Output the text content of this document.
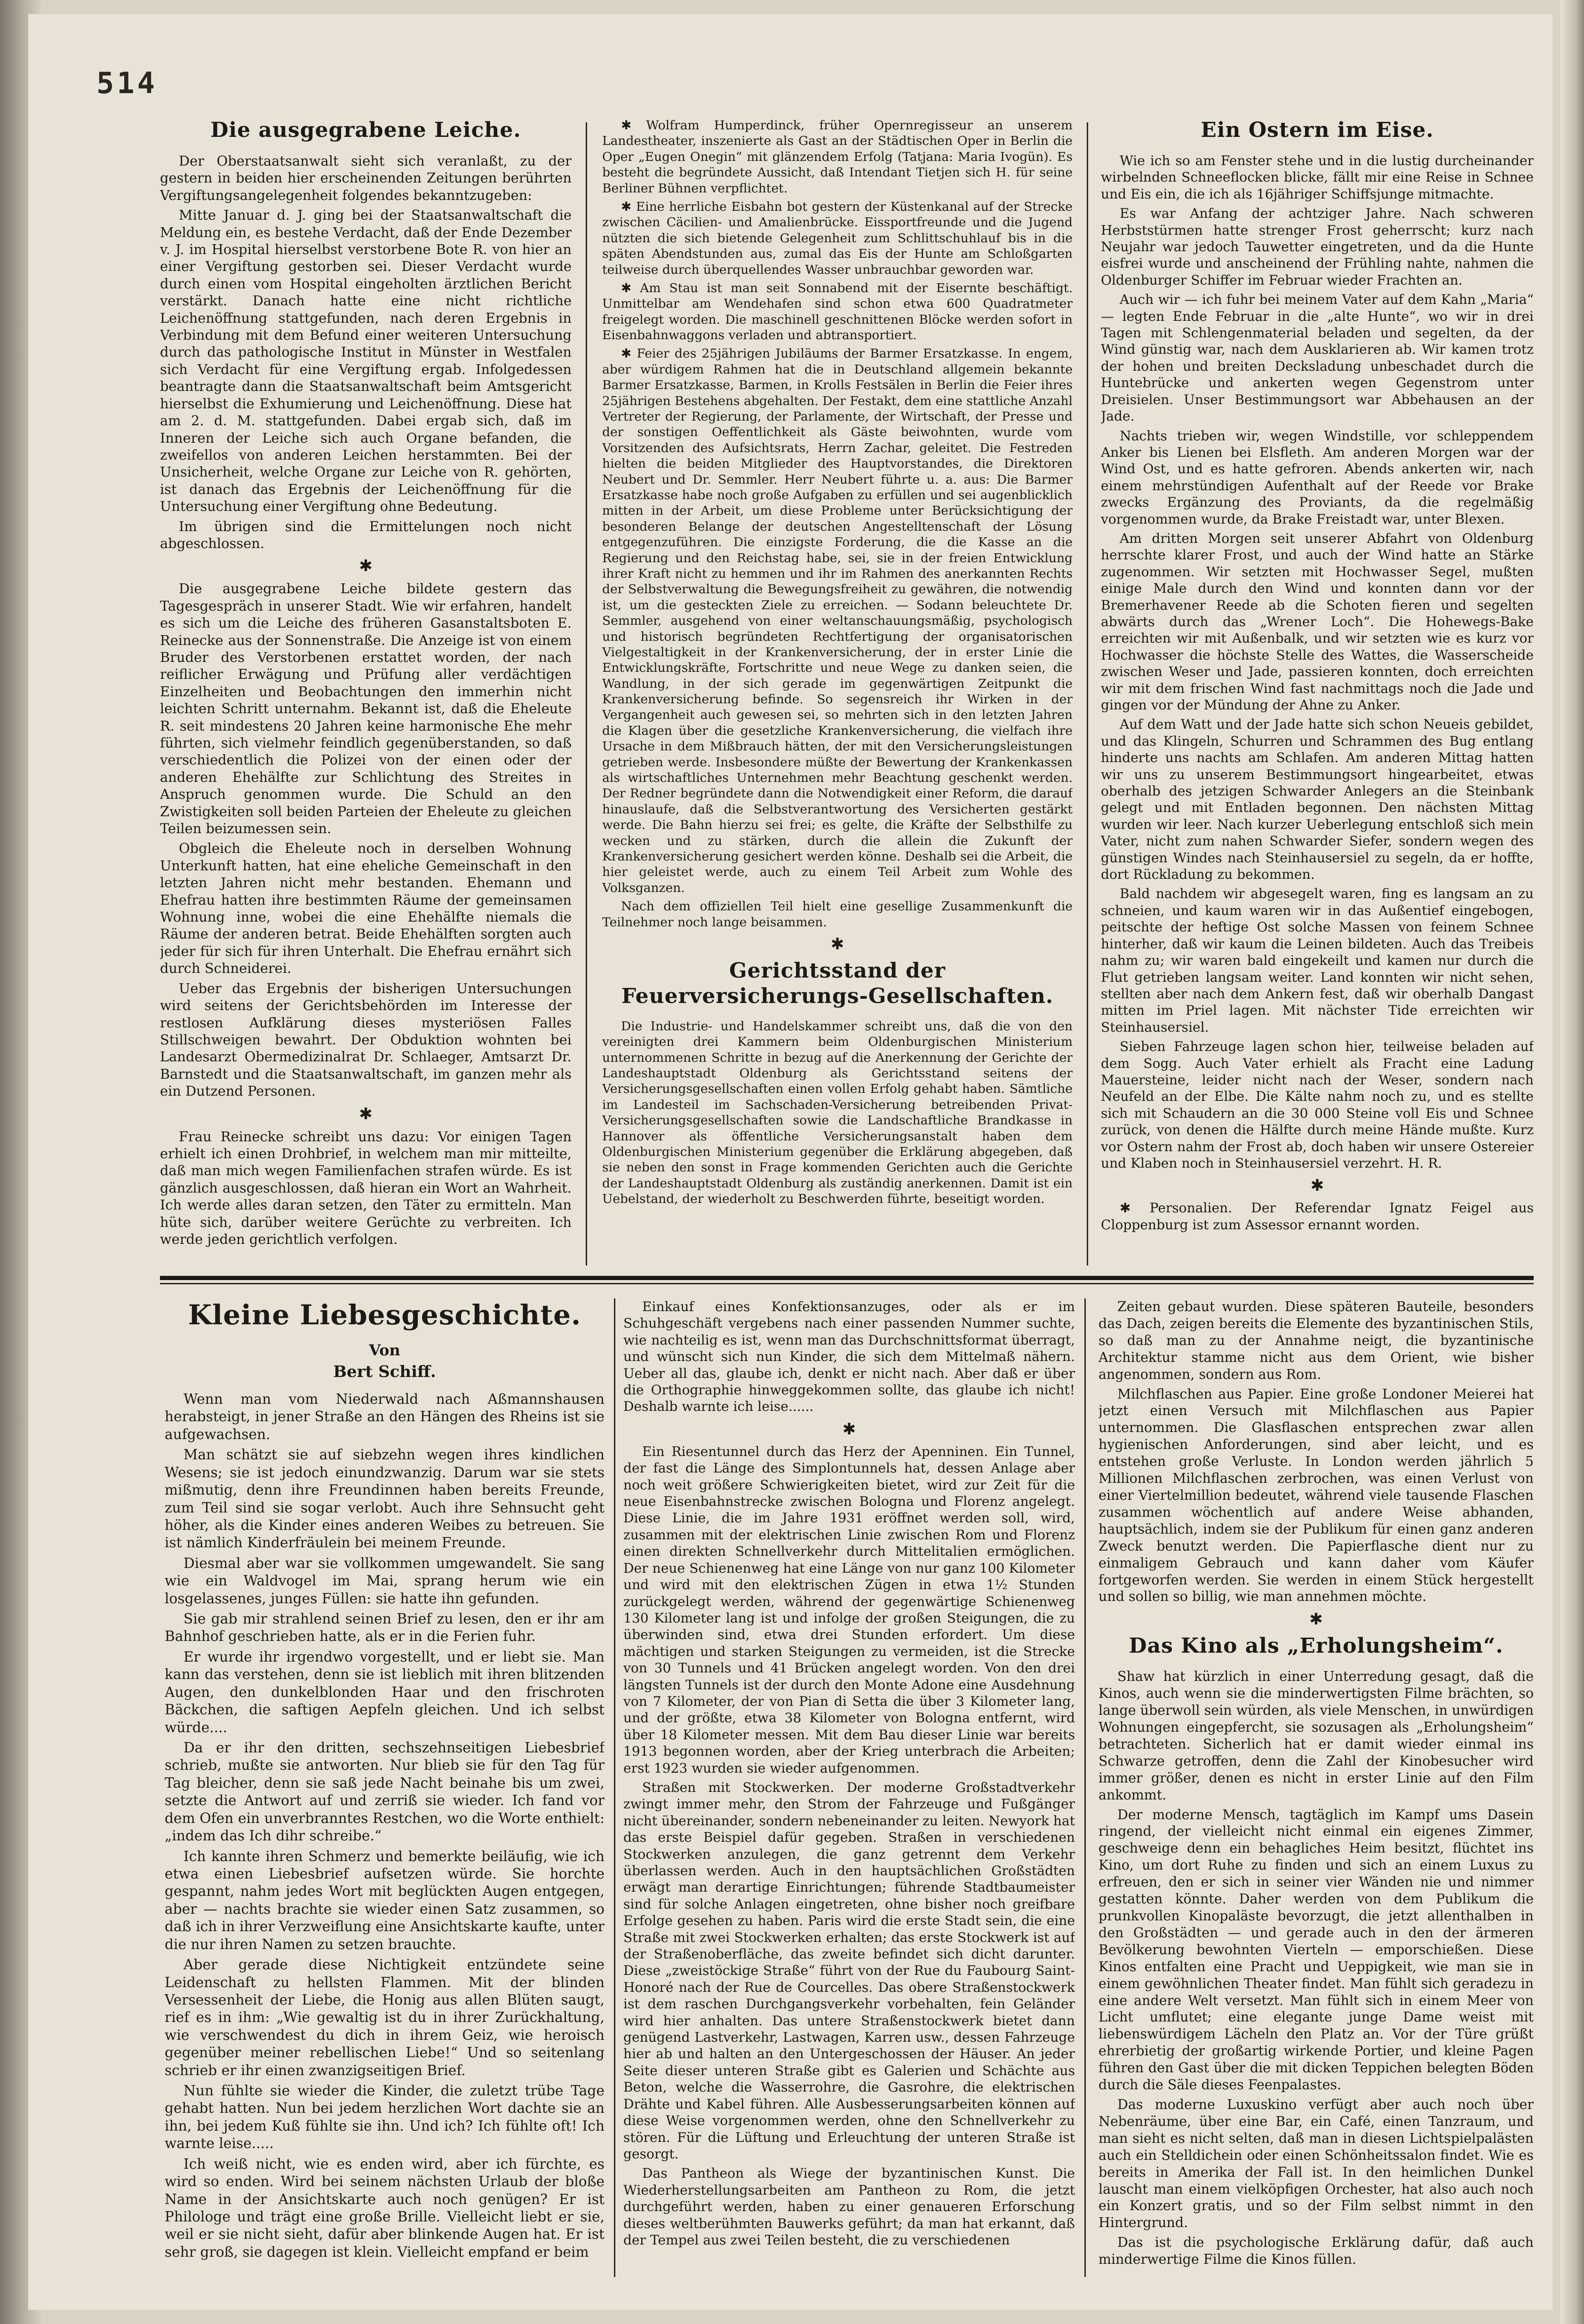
514
Die ausgegrabene Leiche.

Der Oberstaatsanwalt sieht sich veranlaßt, zu der gestern in beiden hier erscheinenden Zeitungen berührten Vergiftungsangelegenheit folgendes bekanntzugeben:

Mitte Januar d. J. ging bei der Staatsanwaltschaft die Meldung ein, es bestehe Verdacht, daß der Ende Dezember v. J. im Hospital hierselbst verstorbene Bote R. von hier an einer Vergiftung gestorben sei. Dieser Verdacht wurde durch einen vom Hospital eingeholten ärztlichen Bericht verstärkt. Danach hatte eine nicht richtliche Leichenöffnung stattgefunden, nach deren Ergebnis in Verbindung mit dem Befund einer weiteren Untersuchung durch das pathologische Institut in Münster in Westfalen sich Verdacht für eine Vergiftung ergab. Infolgedessen beantragte dann die Staatsanwaltschaft beim Amtsgericht hierselbst die Exhumierung und Leichenöffnung. Diese hat am 2. d. M. stattgefunden. Dabei ergab sich, daß im Inneren der Leiche sich auch Organe befanden, die zweifellos von anderen Leichen herstammten. Bei der Unsicherheit, welche Organe zur Leiche von R. gehörten, ist danach das Ergebnis der Leichenöffnung für die Untersuchung einer Vergiftung ohne Bedeutung.

Im übrigen sind die Ermittelungen noch nicht abgeschlossen.

✱

Die ausgegrabene Leiche bildete gestern das Tagesgespräch in unserer Stadt. Wie wir erfahren, handelt es sich um die Leiche des früheren Gasanstaltsboten E. Reinecke aus der Sonnenstraße. Die Anzeige ist von einem Bruder des Verstorbenen erstattet worden, der nach reiflicher Erwägung und Prüfung aller verdächtigen Einzelheiten und Beobachtungen den immerhin nicht leichten Schritt unternahm. Bekannt ist, daß die Eheleute R. seit mindestens 20 Jahren keine harmonische Ehe mehr führten, sich vielmehr feindlich gegenüberstanden, so daß verschiedentlich die Polizei von der einen oder der anderen Ehehälfte zur Schlichtung des Streites in Anspruch genommen wurde. Die Schuld an den Zwistigkeiten soll beiden Parteien der Eheleute zu gleichen Teilen beizumessen sein.

Obgleich die Eheleute noch in derselben Wohnung Unterkunft hatten, hat eine eheliche Gemeinschaft in den letzten Jahren nicht mehr bestanden. Ehemann und Ehefrau hatten ihre bestimmten Räume der gemeinsamen Wohnung inne, wobei die eine Ehehälfte niemals die Räume der anderen betrat. Beide Ehehälften sorgten auch jeder für sich für ihren Unterhalt. Die Ehefrau ernährt sich durch Schneiderei.

Ueber das Ergebnis der bisherigen Untersuchungen wird seitens der Gerichtsbehörden im Interesse der restlosen Aufklärung dieses mysteriösen Falles Stillschweigen bewahrt. Der Obduktion wohnten bei Landesarzt Obermedizinalrat Dr. Schlaeger, Amtsarzt Dr. Barnstedt und die Staatsanwaltschaft, im ganzen mehr als ein Dutzend Personen.

✱

Frau Reinecke schreibt uns dazu: Vor einigen Tagen erhielt ich einen Drohbrief, in welchem man mir mitteilte, daß man mich wegen Familienfachen strafen würde. Es ist gänzlich ausgeschlossen, daß hieran ein Wort an Wahrheit. Ich werde alles daran setzen, den Täter zu ermitteln. Man hüte sich, darüber weitere Gerüchte zu verbreiten. Ich werde jeden gerichtlich verfolgen.

✱ Wolfram Humperdinck, früher Opernregisseur an unserem Landestheater, inszenierte als Gast an der Städtischen Oper in Berlin die Oper „Eugen Onegin“ mit glänzendem Erfolg (Tatjana: Maria Ivogün). Es besteht die begründete Aussicht, daß Intendant Tietjen sich H. für seine Berliner Bühnen verpflichtet.

✱ Eine herrliche Eisbahn bot gestern der Küstenkanal auf der Strecke zwischen Cäcilien- und Amalienbrücke. Eissportfreunde und die Jugend nützten die sich bietende Gelegenheit zum Schlittschuhlauf bis in die späten Abendstunden aus, zumal das Eis der Hunte am Schloßgarten teilweise durch überquellendes Wasser unbrauchbar geworden war.

✱ Am Stau ist man seit Sonnabend mit der Eisernte beschäftigt. Unmittelbar am Wendehafen sind schon etwa 600 Quadratmeter freigelegt worden. Die maschinell geschnittenen Blöcke werden sofort in Eisenbahnwaggons verladen und abtransportiert.

✱ Feier des 25jährigen Jubiläums der Barmer Ersatzkasse. In engem, aber würdigem Rahmen hat die in Deutschland allgemein bekannte Barmer Ersatzkasse, Barmen, in Krolls Festsälen in Berlin die Feier ihres 25jährigen Bestehens abgehalten. Der Festakt, dem eine stattliche Anzahl Vertreter der Regierung, der Parlamente, der Wirtschaft, der Presse und der sonstigen Oeffentlichkeit als Gäste beiwohnten, wurde vom Vorsitzenden des Aufsichtsrats, Herrn Zachar, geleitet. Die Festreden hielten die beiden Mitglieder des Hauptvorstandes, die Direktoren Neubert und Dr. Semmler. Herr Neubert führte u. a. aus: Die Barmer Ersatzkasse habe noch große Aufgaben zu erfüllen und sei augenblicklich mitten in der Arbeit, um diese Probleme unter Berücksichtigung der besonderen Belange der deutschen Angestelltenschaft der Lösung entgegenzuführen. Die einzigste Forderung, die die Kasse an die Regierung und den Reichstag habe, sei, sie in der freien Entwicklung ihrer Kraft nicht zu hemmen und ihr im Rahmen des anerkannten Rechts der Selbstverwaltung die Bewegungsfreiheit zu gewähren, die notwendig ist, um die gesteckten Ziele zu erreichen. — Sodann beleuchtete Dr. Semmler, ausgehend von einer weltanschauungsmäßig, psychologisch und historisch begründeten Rechtfertigung der organisatorischen Vielgestaltigkeit in der Krankenversicherung, der in erster Linie die Entwicklungskräfte, Fortschritte und neue Wege zu danken seien, die Wandlung, in der sich gerade im gegenwärtigen Zeitpunkt die Krankenversicherung befinde. So segensreich ihr Wirken in der Vergangenheit auch gewesen sei, so mehrten sich in den letzten Jahren die Klagen über die gesetzliche Krankenversicherung, die vielfach ihre Ursache in dem Mißbrauch hätten, der mit den Versicherungsleistungen getrieben werde. Insbesondere müßte der Bewertung der Krankenkassen als wirtschaftliches Unternehmen mehr Beachtung geschenkt werden. Der Redner begründete dann die Notwendigkeit einer Reform, die darauf hinauslaufe, daß die Selbstverantwortung des Versicherten gestärkt werde. Die Bahn hierzu sei frei; es gelte, die Kräfte der Selbsthilfe zu wecken und zu stärken, durch die allein die Zukunft der Krankenversicherung gesichert werden könne. Deshalb sei die Arbeit, die hier geleistet werde, auch zu einem Teil Arbeit zum Wohle des Volksganzen.

Nach dem offiziellen Teil hielt eine gesellige Zusammenkunft die Teilnehmer noch lange beisammen.

✱
Gerichtsstand der Feuerversicherungs-Gesellschaften.

Die Industrie- und Handelskammer schreibt uns, daß die von den vereinigten drei Kammern beim Oldenburgischen Ministerium unternommenen Schritte in bezug auf die Anerkennung der Gerichte der Landeshauptstadt Oldenburg als Gerichtsstand seitens der Versicherungsgesellschaften einen vollen Erfolg gehabt haben. Sämtliche im Landesteil im Sachschaden-Versicherung betreibenden Privat-Versicherungsgesellschaften sowie die Landschaftliche Brandkasse in Hannover als öffentliche Versicherungsanstalt haben dem Oldenburgischen Ministerium gegenüber die Erklärung abgegeben, daß sie neben den sonst in Frage kommenden Gerichten auch die Gerichte der Landeshauptstadt Oldenburg als zuständig anerkennen. Damit ist ein Uebelstand, der wiederholt zu Beschwerden führte, beseitigt worden.

Ein Ostern im Eise.

Wie ich so am Fenster stehe und in die lustig durcheinander wirbelnden Schneeflocken blicke, fällt mir eine Reise in Schnee und Eis ein, die ich als 16jähriger Schiffsjunge mitmachte.

Es war Anfang der achtziger Jahre. Nach schweren Herbststürmen hatte strenger Frost geherrscht; kurz nach Neujahr war jedoch Tauwetter eingetreten, und da die Hunte eisfrei wurde und anscheinend der Frühling nahte, nahmen die Oldenburger Schiffer im Februar wieder Frachten an.

Auch wir — ich fuhr bei meinem Vater auf dem Kahn „Maria“ — legten Ende Februar in die „alte Hunte“, wo wir in drei Tagen mit Schlengenmaterial beladen und segelten, da der Wind günstig war, nach dem Ausklarieren ab. Wir kamen trotz der hohen und breiten Decksladung unbeschadet durch die Huntebrücke und ankerten wegen Gegenstrom unter Dreisielen. Unser Bestimmungsort war Abbehausen an der Jade.

Nachts trieben wir, wegen Windstille, vor schleppendem Anker bis Lienen bei Elsfleth. Am anderen Morgen war der Wind Ost, und es hatte gefroren. Abends ankerten wir, nach einem mehrstündigen Aufenthalt auf der Reede vor Brake zwecks Ergänzung des Proviants, da die regelmäßig vorgenommen wurde, da Brake Freistadt war, unter Blexen.

Am dritten Morgen seit unserer Abfahrt von Oldenburg herrschte klarer Frost, und auch der Wind hatte an Stärke zugenommen. Wir setzten mit Hochwasser Segel, mußten einige Male durch den Wind und konnten dann vor der Bremerhavener Reede ab die Schoten fieren und segelten abwärts durch das „Wrener Loch“. Die Hohewegs-Bake erreichten wir mit Außenbalk, und wir setzten wie es kurz vor Hochwasser die höchste Stelle des Wattes, die Wasserscheide zwischen Weser und Jade, passieren konnten, doch erreichten wir mit dem frischen Wind fast nachmittags noch die Jade und gingen vor der Mündung der Ahne zu Anker.

Auf dem Watt und der Jade hatte sich schon Neueis gebildet, und das Klingeln, Schurren und Schrammen des Bug entlang hinderte uns nachts am Schlafen. Am anderen Mittag hatten wir uns zu unserem Bestimmungsort hingearbeitet, etwas oberhalb des jetzigen Schwarder Anlegers an die Steinbank gelegt und mit Entladen begonnen. Den nächsten Mittag wurden wir leer. Nach kurzer Ueberlegung entschloß sich mein Vater, nicht zum nahen Schwarder Siefer, sondern wegen des günstigen Windes nach Steinhausersiel zu segeln, da er hoffte, dort Rückladung zu bekommen.

Bald nachdem wir abgesegelt waren, fing es langsam an zu schneien, und kaum waren wir in das Außentief eingebogen, peitschte der heftige Ost solche Massen von feinem Schnee hinterher, daß wir kaum die Leinen bildeten. Auch das Treibeis nahm zu; wir waren bald eingekeilt und kamen nur durch die Flut getrieben langsam weiter. Land konnten wir nicht sehen, stellten aber nach dem Ankern fest, daß wir oberhalb Dangast mitten im Priel lagen. Mit nächster Tide erreichten wir Steinhausersiel.

Sieben Fahrzeuge lagen schon hier, teilweise beladen auf dem Sogg. Auch Vater erhielt als Fracht eine Ladung Mauersteine, leider nicht nach der Weser, sondern nach Neufeld an der Elbe. Die Kälte nahm noch zu, und es stellte sich mit Schaudern an die 30 000 Steine voll Eis und Schnee zurück, von denen die Hälfte durch meine Hände mußte. Kurz vor Ostern nahm der Frost ab, doch haben wir unsere Ostereier und Klaben noch in Steinhausersiel verzehrt. H. R.

✱

✱ Personalien. Der Referendar Ignatz Feigel aus Cloppenburg ist zum Assessor ernannt worden.

Kleine Liebesgeschichte.
Von
Bert Schiff.

Wenn man vom Niederwald nach Aßmannshausen herabsteigt, in jener Straße an den Hängen des Rheins ist sie aufgewachsen.

Man schätzt sie auf siebzehn wegen ihres kindlichen Wesens; sie ist jedoch einundzwanzig. Darum war sie stets mißmutig, denn ihre Freundinnen haben bereits Freunde, zum Teil sind sie sogar verlobt. Auch ihre Sehnsucht geht höher, als die Kinder eines anderen Weibes zu betreuen. Sie ist nämlich Kinderfräulein bei meinem Freunde.

Diesmal aber war sie vollkommen umgewandelt. Sie sang wie ein Waldvogel im Mai, sprang herum wie ein losgelassenes, junges Füllen: sie hatte ihn gefunden.

Sie gab mir strahlend seinen Brief zu lesen, den er ihr am Bahnhof geschrieben hatte, als er in die Ferien fuhr.

Er wurde ihr irgendwo vorgestellt, und er liebt sie. Man kann das verstehen, denn sie ist lieblich mit ihren blitzenden Augen, den dunkelblonden Haar und den frischroten Bäckchen, die saftigen Aepfeln gleichen. Und ich selbst würde....

Da er ihr den dritten, sechszehnseitigen Liebesbrief schrieb, mußte sie antworten. Nur blieb sie für den Tag für Tag bleicher, denn sie saß jede Nacht beinahe bis um zwei, setzte die Antwort auf und zerriß sie wieder. Ich fand vor dem Ofen ein unverbranntes Restchen, wo die Worte enthielt: „indem das Ich dihr schreibe.“

Ich kannte ihren Schmerz und bemerkte beiläufig, wie ich etwa einen Liebesbrief aufsetzen würde. Sie horchte gespannt, nahm jedes Wort mit beglückten Augen entgegen, aber — nachts brachte sie wieder einen Satz zusammen, so daß ich in ihrer Verzweiflung eine Ansichtskarte kaufte, unter die nur ihren Namen zu setzen brauchte.

Aber gerade diese Nichtigkeit entzündete seine Leidenschaft zu hellsten Flammen. Mit der blinden Versessenheit der Liebe, die Honig aus allen Blüten saugt, rief es in ihm: „Wie gewaltig ist du in ihrer Zurückhaltung, wie verschwendest du dich in ihrem Geiz, wie heroisch gegenüber meiner rebellischen Liebe!“ Und so seitenlang schrieb er ihr einen zwanzigseitigen Brief.

Nun fühlte sie wieder die Kinder, die zuletzt trübe Tage gehabt hatten. Nun bei jedem herzlichen Wort dachte sie an ihn, bei jedem Kuß fühlte sie ihn. Und ich? Ich fühlte oft! Ich warnte leise.....

Ich weiß nicht, wie es enden wird, aber ich fürchte, es wird so enden. Wird bei seinem nächsten Urlaub der bloße Name in der Ansichtskarte auch noch genügen? Er ist Philologe und trägt eine große Brille. Vielleicht liebt er sie, weil er sie nicht sieht, dafür aber blinkende Augen hat. Er ist sehr groß, sie dagegen ist klein. Vielleicht empfand er beim

Einkauf eines Konfektionsanzuges, oder als er im Schuhgeschäft vergebens nach einer passenden Nummer suchte, wie nachteilig es ist, wenn man das Durchschnittsformat überragt, und wünscht sich nun Kinder, die sich dem Mittelmaß nähern. Ueber all das, glaube ich, denkt er nicht nach. Aber daß er über die Orthographie hinweggekommen sollte, das glaube ich nicht! Deshalb warnte ich leise......

✱

Ein Riesentunnel durch das Herz der Apenninen. Ein Tunnel, der fast die Länge des Simplontunnels hat, dessen Anlage aber noch weit größere Schwierigkeiten bietet, wird zur Zeit für die neue Eisenbahnstrecke zwischen Bologna und Florenz angelegt. Diese Linie, die im Jahre 1931 eröffnet werden soll, wird, zusammen mit der elektrischen Linie zwischen Rom und Florenz einen direkten Schnellverkehr durch Mittelitalien ermöglichen. Der neue Schienenweg hat eine Länge von nur ganz 100 Kilometer und wird mit den elektrischen Zügen in etwa 1½ Stunden zurückgelegt werden, während der gegenwärtige Schienenweg 130 Kilometer lang ist und infolge der großen Steigungen, die zu überwinden sind, etwa drei Stunden erfordert. Um diese mächtigen und starken Steigungen zu vermeiden, ist die Strecke von 30 Tunnels und 41 Brücken angelegt worden. Von den drei längsten Tunnels ist der durch den Monte Adone eine Ausdehnung von 7 Kilometer, der von Pian di Setta die über 3 Kilometer lang, und der größte, etwa 38 Kilometer von Bologna entfernt, wird über 18 Kilometer messen. Mit dem Bau dieser Linie war bereits 1913 begonnen worden, aber der Krieg unterbrach die Arbeiten; erst 1923 wurden sie wieder aufgenommen.

Straßen mit Stockwerken. Der moderne Großstadtverkehr zwingt immer mehr, den Strom der Fahrzeuge und Fußgänger nicht übereinander, sondern nebeneinander zu leiten. Newyork hat das erste Beispiel dafür gegeben. Straßen in verschiedenen Stockwerken anzulegen, die ganz getrennt dem Verkehr überlassen werden. Auch in den hauptsächlichen Großstädten erwägt man derartige Einrichtungen; führende Stadtbaumeister sind für solche Anlagen eingetreten, ohne bisher noch greifbare Erfolge gesehen zu haben. Paris wird die erste Stadt sein, die eine Straße mit zwei Stockwerken erhalten; das erste Stockwerk ist auf der Straßenoberfläche, das zweite befindet sich dicht darunter. Diese „zweistöckige Straße“ führt von der Rue du Faubourg Saint-Honoré nach der Rue de Courcelles. Das obere Straßenstockwerk ist dem raschen Durchgangsverkehr vorbehalten, fein Geländer wird hier anhalten. Das untere Straßenstockwerk bietet dann genügend Lastverkehr, Lastwagen, Karren usw., dessen Fahrzeuge hier ab und halten an den Untergeschossen der Häuser. An jeder Seite dieser unteren Straße gibt es Galerien und Schächte aus Beton, welche die Wasserrohre, die Gasrohre, die elektrischen Drähte und Kabel führen. Alle Ausbesserungsarbeiten können auf diese Weise vorgenommen werden, ohne den Schnellverkehr zu stören. Für die Lüftung und Erleuchtung der unteren Straße ist gesorgt.

Das Pantheon als Wiege der byzantinischen Kunst. Die Wiederherstellungsarbeiten am Pantheon zu Rom, die jetzt durchgeführt werden, haben zu einer genaueren Erforschung dieses weltberühmten Bauwerks geführt; da man hat erkannt, daß der Tempel aus zwei Teilen besteht, die zu verschiedenen

Zeiten gebaut wurden. Diese späteren Bauteile, besonders das Dach, zeigen bereits die Elemente des byzantinischen Stils, so daß man zu der Annahme neigt, die byzantinische Architektur stamme nicht aus dem Orient, wie bisher angenommen, sondern aus Rom.

Milchflaschen aus Papier. Eine große Londoner Meierei hat jetzt einen Versuch mit Milchflaschen aus Papier unternommen. Die Glasflaschen entsprechen zwar allen hygienischen Anforderungen, sind aber leicht, und es entstehen große Verluste. In London werden jährlich 5 Millionen Milchflaschen zerbrochen, was einen Verlust von einer Viertelmillion bedeutet, während viele tausende Flaschen zusammen wöchentlich auf andere Weise abhanden, hauptsächlich, indem sie der Publikum für einen ganz anderen Zweck benutzt werden. Die Papierflasche dient nur zu einmaligem Gebrauch und kann daher vom Käufer fortgeworfen werden. Sie werden in einem Stück hergestellt und sollen so billig, wie man annehmen möchte.

✱
Das Kino als „Erholungsheim“.

Shaw hat kürzlich in einer Unterredung gesagt, daß die Kinos, auch wenn sie die minderwertigsten Filme brächten, so lange überwoll sein würden, als viele Menschen, in unwürdigen Wohnungen eingepfercht, sie sozusagen als „Erholungsheim“ betrachteten. Sicherlich hat er damit wieder einmal ins Schwarze getroffen, denn die Zahl der Kinobesucher wird immer größer, denen es nicht in erster Linie auf den Film ankommt.

Der moderne Mensch, tagtäglich im Kampf ums Dasein ringend, der vielleicht nicht einmal ein eigenes Zimmer, geschweige denn ein behagliches Heim besitzt, flüchtet ins Kino, um dort Ruhe zu finden und sich an einem Luxus zu erfreuen, den er sich in seiner vier Wänden nie und nimmer gestatten könnte. Daher werden von dem Publikum die prunkvollen Kinopaläste bevorzugt, die jetzt allenthalben in den Großstädten — und gerade auch in den der ärmeren Bevölkerung bewohnten Vierteln — emporschießen. Diese Kinos entfalten eine Pracht und Ueppigkeit, wie man sie in einem gewöhnlichen Theater findet. Man fühlt sich geradezu in eine andere Welt versetzt. Man fühlt sich in einem Meer von Licht umflutet; eine elegante junge Dame weist mit liebenswürdigem Lächeln den Platz an. Vor der Türe grüßt ehrerbietig der großartig wirkende Portier, und kleine Pagen führen den Gast über die mit dicken Teppichen belegten Böden durch die Säle dieses Feenpalastes.

Das moderne Luxuskino verfügt aber auch noch über Nebenräume, über eine Bar, ein Café, einen Tanzraum, und man sieht es nicht selten, daß man in diesen Lichtspielpalästen auch ein Stelldichein oder einen Schönheitssalon findet. Wie es bereits in Amerika der Fall ist. In den heimlichen Dunkel lauscht man einem vielköpfigen Orchester, hat also auch noch ein Konzert gratis, und so der Film selbst nimmt in den Hintergrund.

Das ist die psychologische Erklärung dafür, daß auch minderwertige Filme die Kinos füllen.
